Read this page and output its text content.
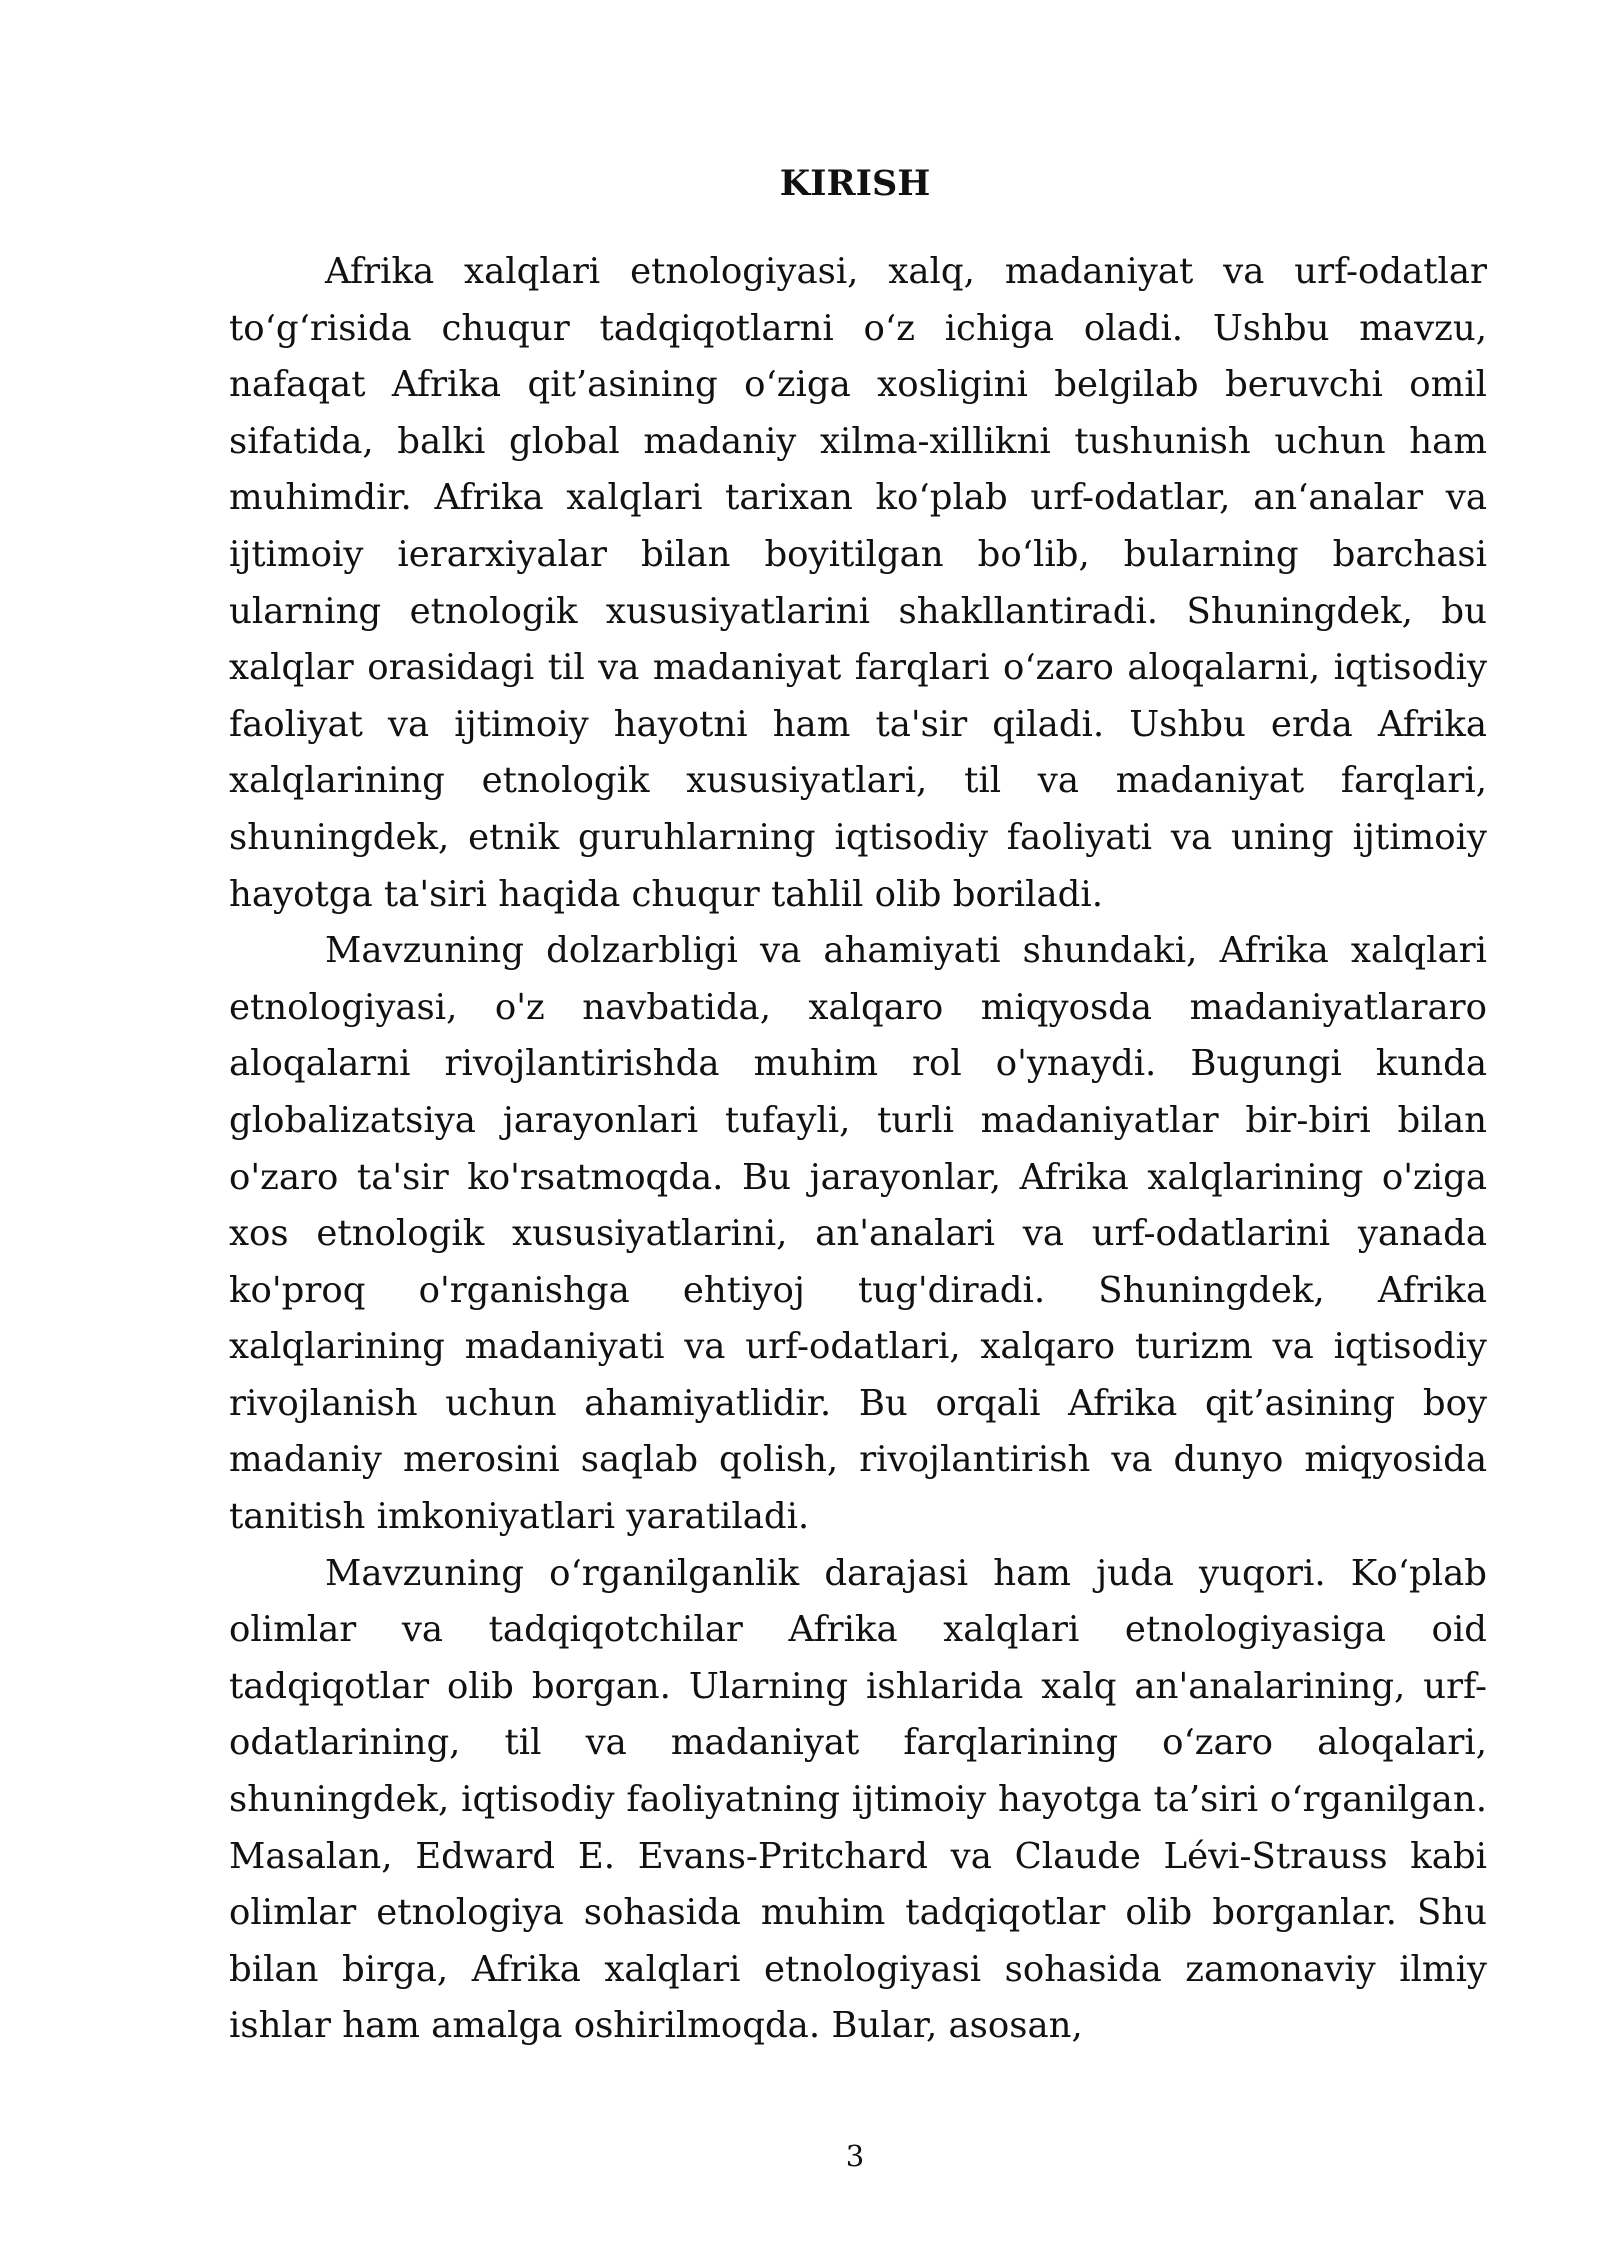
KIRISH

Afrika xalqlari etnologiyasi, xalq, madaniyat va urf-odatlar to‘g‘risida chuqur tadqiqotlarni o‘z ichiga oladi. Ushbu mavzu, nafaqat Afrika qit’asining o‘ziga xosligini belgilab beruvchi omil sifatida, balki global madaniy xilma-xillikni tushunish uchun ham muhimdir. Afrika xalqlari tarixan ko‘plab urf-odatlar, an‘analar va ijtimoiy ierarxiyalar bilan boyitilgan bo‘lib, bularning barchasi ularning etnologik xususiyatlarini shakllantiradi. Shuningdek, bu xalqlar orasidagi til va madaniyat farqlari o‘zaro aloqalarni, iqtisodiy faoliyat va ijtimoiy hayotni ham ta'sir qiladi. Ushbu erda Afrika xalqlarining etnologik xususiyatlari, til va madaniyat farqlari, shuningdek, etnik guruhlarning iqtisodiy faoliyati va uning ijtimoiy hayotga ta'siri haqida chuqur tahlil olib boriladi.

Mavzuning dolzarbligi va ahamiyati shundaki, Afrika xalqlari etnologiyasi, o'z navbatida, xalqaro miqyosda madaniyatlararo aloqalarni rivojlantirishda muhim rol o'ynaydi. Bugungi kunda globalizatsiya jarayonlari tufayli, turli madaniyatlar bir-biri bilan o'zaro ta'sir ko'rsatmoqda. Bu jarayonlar, Afrika xalqlarining o'ziga xos etnologik xususiyatlarini, an'analari va urf-odatlarini yanada ko'proq o'rganishga ehtiyoj tug'diradi. Shuningdek, Afrika xalqlarining madaniyati va urf-odatlari, xalqaro turizm va iqtisodiy rivojlanish uchun ahamiyatlidir. Bu orqali Afrika qit’asining boy madaniy merosini saqlab qolish, rivojlantirish va dunyo miqyosida tanitish imkoniyatlari yaratiladi.

Mavzuning o‘rganilganlik darajasi ham juda yuqori. Ko‘plab olimlar va tadqiqotchilar Afrika xalqlari etnologiyasiga oid tadqiqotlar olib borgan. Ularning ishlarida xalq an'analarining, urf-odatlarining, til va madaniyat farqlarining o‘zaro aloqalari, shuningdek, iqtisodiy faoliyatning ijtimoiy hayotga ta’siri o‘rganilgan. Masalan, Edward E. Evans-Pritchard va Claude Lévi-Strauss kabi olimlar etnologiya sohasida muhim tadqiqotlar olib borganlar. Shu bilan birga, Afrika xalqlari etnologiyasi sohasida zamonaviy ilmiy ishlar ham amalga oshirilmoqda. Bular, asosan,

3
